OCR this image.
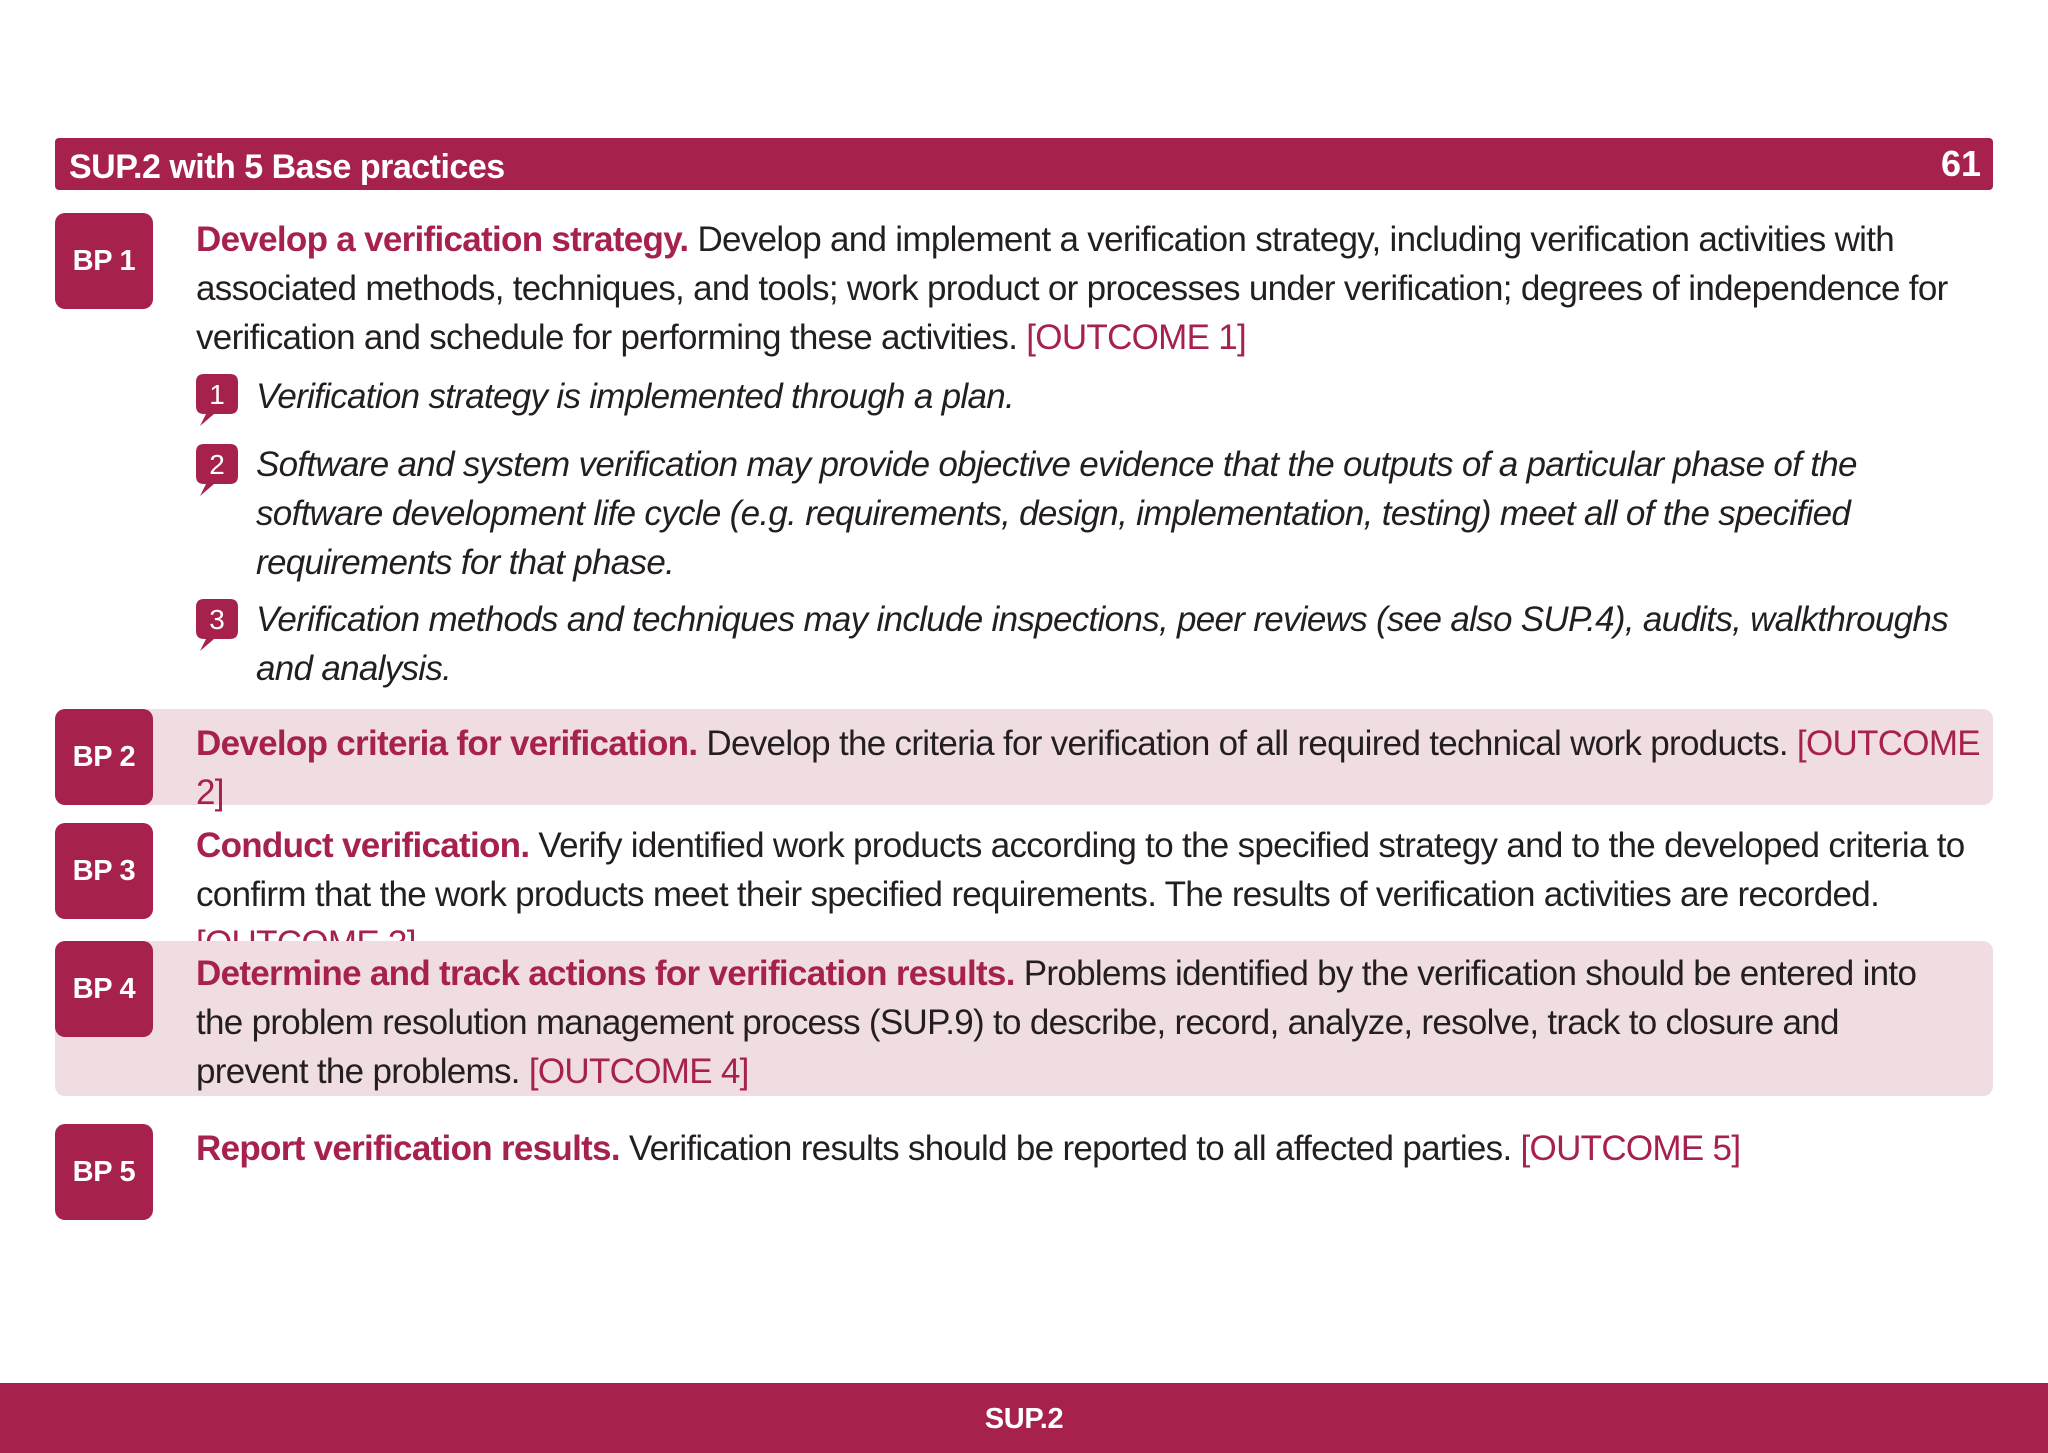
SUP.2 with 5 Base practices	61
BP 1
Develop a verification strategy. Develop and implement a verification strategy, including verification activities with associated methods, techniques, and tools; work product or processes under verification; degrees of independence for verification and schedule for performing these activities. [OUTCOME 1]
1 Verification strategy is implemented through a plan.
2 Software and system verification may provide objective evidence that the outputs of a particular phase of the software development life cycle (e.g. requirements, design, implementation, testing) meet all of the specified requirements for that phase.
3 Verification methods and techniques may include inspections, peer reviews (see also SUP.4), audits, walkthroughs and analysis.
BP 2	Develop criteria for verification. Develop the criteria for verification of all required technical work products. [OUTCOME 2]
BP 3
Conduct verification. Verify identified work products according to the specified strategy and to the developed criteria to confirm that the work products meet their specified requirements. The results of verification activities are recorded.
BP 4	Determine and track actions for verification results. Problems identified by the verification should be entered into the problem resolution management process (SUP.9) to describe, record, analyze, resolve, track to closure and prevent the problems. [OUTCOME 4]
BP 5
Report verification results. Verification results should be reported to all affected parties. [OUTCOME 5]
SUP.2
